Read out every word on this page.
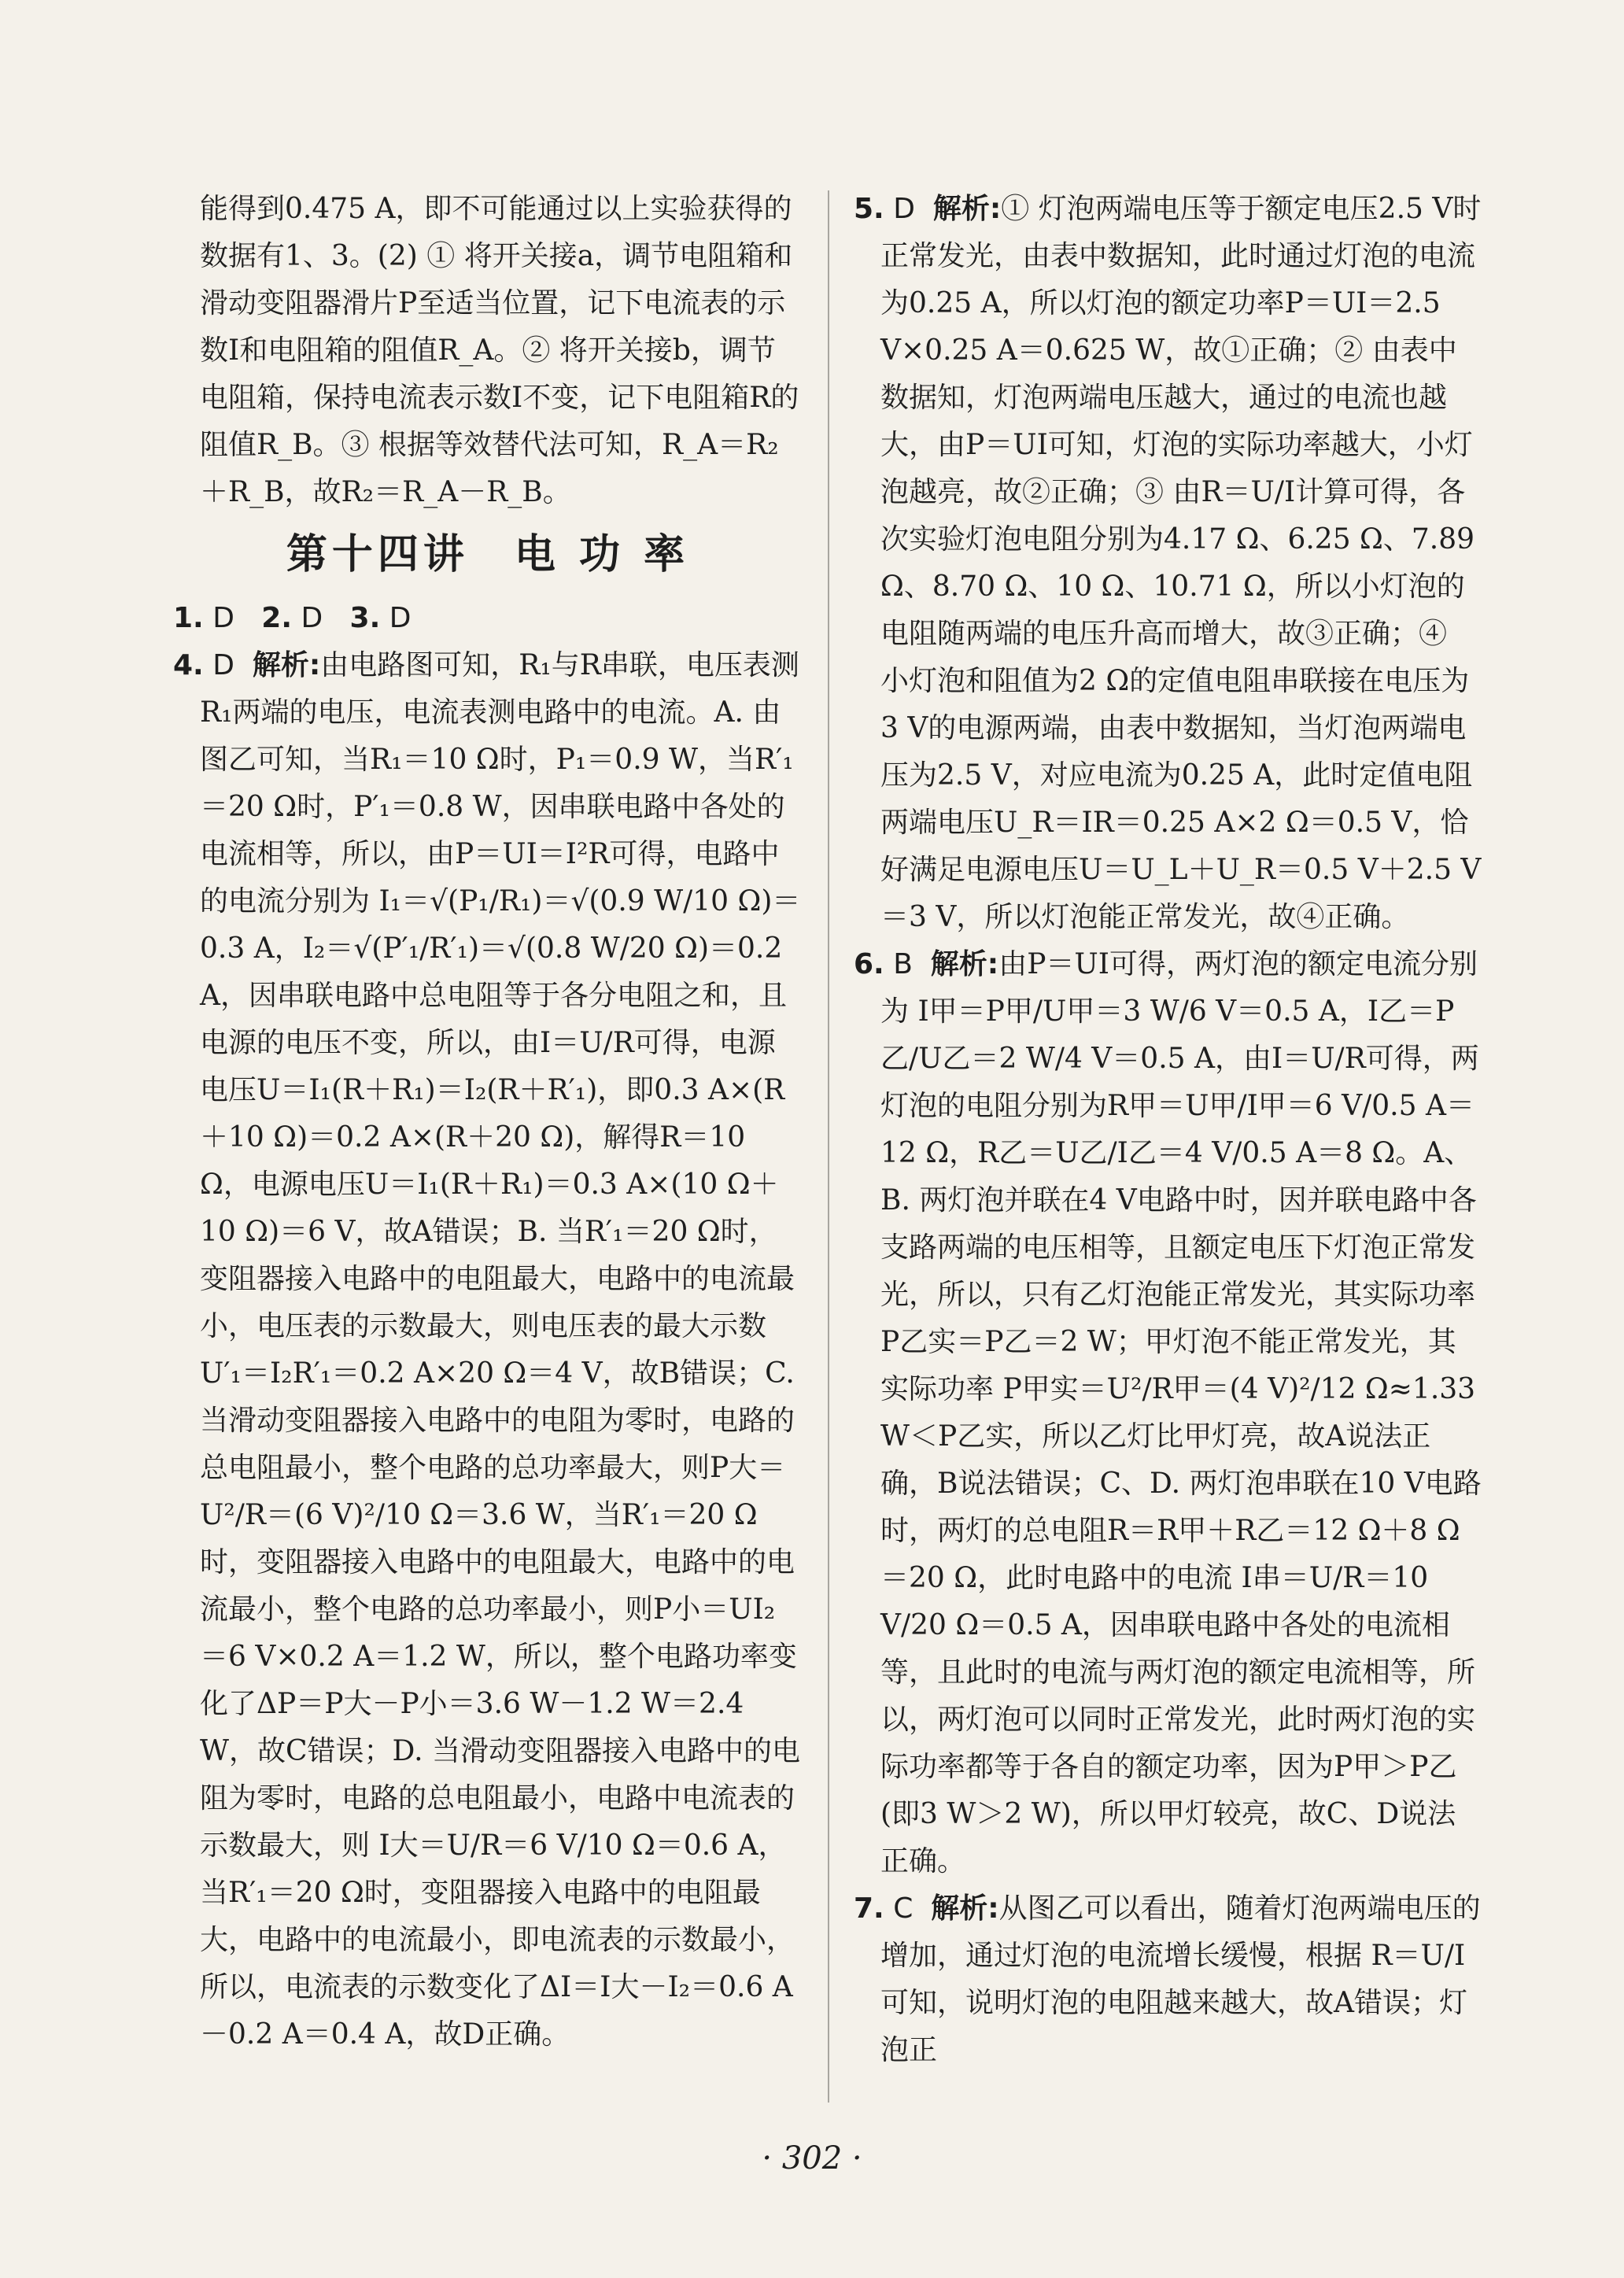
能得到0.475 A，即不可能通过以上实验获得的数据有1、3。(2) ① 将开关接a，调节电阻箱和滑动变阻器滑片P至适当位置，记下电流表的示数I和电阻箱的阻值R_A。② 将开关接b，调节电阻箱，保持电流表示数I不变，记下电阻箱R的阻值R_B。③ 根据等效替代法可知，R_A＝R₂＋R_B，故R₂＝R_A－R_B。

第十四讲　电 功 率

1. D 2. D 3. D

4. D 解析:由电路图可知，R₁与R串联，电压表测R₁两端的电压，电流表测电路中的电流。A. 由图乙可知，当R₁＝10 Ω时，P₁＝0.9 W，当R′₁＝20 Ω时，P′₁＝0.8 W，因串联电路中各处的电流相等，所以，由P＝UI＝I²R可得，电路中的电流分别为 I₁＝√(P₁/R₁)＝√(0.9 W/10 Ω)＝0.3 A，I₂＝√(P′₁/R′₁)＝√(0.8 W/20 Ω)＝0.2 A，因串联电路中总电阻等于各分电阻之和，且电源的电压不变，所以，由I＝U/R可得，电源电压U＝I₁(R＋R₁)＝I₂(R＋R′₁)，即0.3 A×(R＋10 Ω)＝0.2 A×(R＋20 Ω)，解得R＝10 Ω，电源电压U＝I₁(R＋R₁)＝0.3 A×(10 Ω＋10 Ω)＝6 V，故A错误；B. 当R′₁＝20 Ω时，变阻器接入电路中的电阻最大，电路中的电流最小，电压表的示数最大，则电压表的最大示数U′₁＝I₂R′₁＝0.2 A×20 Ω＝4 V，故B错误；C. 当滑动变阻器接入电路中的电阻为零时，电路的总电阻最小，整个电路的总功率最大，则P大＝U²/R＝(6 V)²/10 Ω＝3.6 W，当R′₁＝20 Ω时，变阻器接入电路中的电阻最大，电路中的电流最小，整个电路的总功率最小，则P小＝UI₂＝6 V×0.2 A＝1.2 W，所以，整个电路功率变化了ΔP＝P大－P小＝3.6 W－1.2 W＝2.4 W，故C错误；D. 当滑动变阻器接入电路中的电阻为零时，电路的总电阻最小，电路中电流表的示数最大，则 I大＝U/R＝6 V/10 Ω＝0.6 A，当R′₁＝20 Ω时，变阻器接入电路中的电阻最大，电路中的电流最小，即电流表的示数最小，所以，电流表的示数变化了ΔI＝I大－I₂＝0.6 A－0.2 A＝0.4 A，故D正确。

5. D 解析:① 灯泡两端电压等于额定电压2.5 V时正常发光，由表中数据知，此时通过灯泡的电流为0.25 A，所以灯泡的额定功率P＝UI＝2.5 V×0.25 A＝0.625 W，故①正确；② 由表中数据知，灯泡两端电压越大，通过的电流也越大，由P＝UI可知，灯泡的实际功率越大，小灯泡越亮，故②正确；③ 由R＝U/I计算可得，各次实验灯泡电阻分别为4.17 Ω、6.25 Ω、7.89 Ω、8.70 Ω、10 Ω、10.71 Ω，所以小灯泡的电阻随两端的电压升高而增大，故③正确；④ 小灯泡和阻值为2 Ω的定值电阻串联接在电压为3 V的电源两端，由表中数据知，当灯泡两端电压为2.5 V，对应电流为0.25 A，此时定值电阻两端电压U_R＝IR＝0.25 A×2 Ω＝0.5 V，恰好满足电源电压U＝U_L＋U_R＝0.5 V＋2.5 V＝3 V，所以灯泡能正常发光，故④正确。

6. B 解析:由P＝UI可得，两灯泡的额定电流分别为 I甲＝P甲/U甲＝3 W/6 V＝0.5 A，I乙＝P乙/U乙＝2 W/4 V＝0.5 A，由I＝U/R可得，两灯泡的电阻分别为R甲＝U甲/I甲＝6 V/0.5 A＝12 Ω，R乙＝U乙/I乙＝4 V/0.5 A＝8 Ω。A、B. 两灯泡并联在4 V电路中时，因并联电路中各支路两端的电压相等，且额定电压下灯泡正常发光，所以，只有乙灯泡能正常发光，其实际功率P乙实＝P乙＝2 W；甲灯泡不能正常发光，其实际功率 P甲实＝U²/R甲＝(4 V)²/12 Ω≈1.33 W＜P乙实，所以乙灯比甲灯亮，故A说法正确，B说法错误；C、D. 两灯泡串联在10 V电路时，两灯的总电阻R＝R甲＋R乙＝12 Ω＋8 Ω＝20 Ω，此时电路中的电流 I串＝U/R＝10 V/20 Ω＝0.5 A，因串联电路中各处的电流相等，且此时的电流与两灯泡的额定电流相等，所以，两灯泡可以同时正常发光，此时两灯泡的实际功率都等于各自的额定功率，因为P甲＞P乙(即3 W＞2 W)，所以甲灯较亮，故C、D说法正确。

7. C 解析:从图乙可以看出，随着灯泡两端电压的增加，通过灯泡的电流增长缓慢，根据 R＝U/I 可知，说明灯泡的电阻越来越大，故A错误；灯泡正

· 302 ·
